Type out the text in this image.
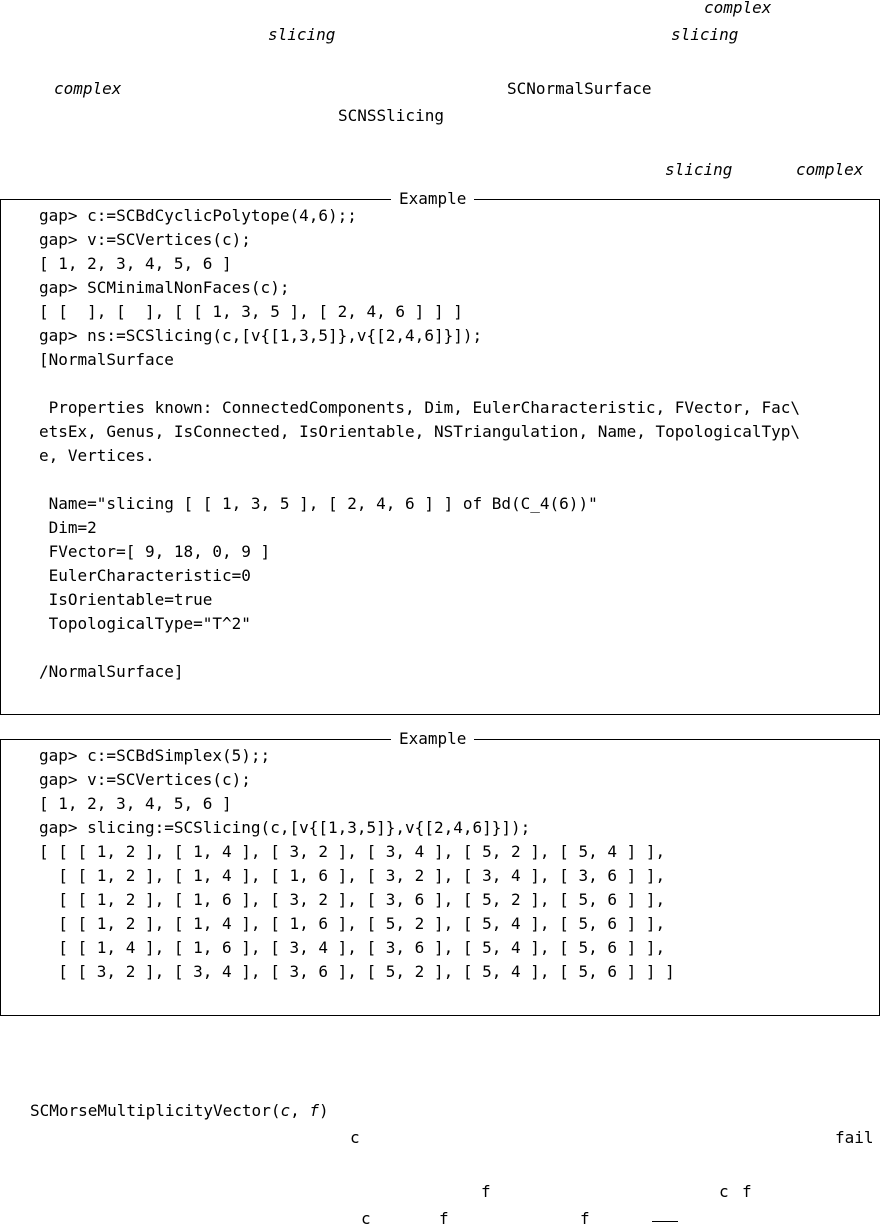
complex
slicing	slicing
complex	SCNormalSurface
SCNSSlicing
slicing	complex
Example
gap> c:=SCBdCyclicPolytope(4,6);;
gap> v:=SCVertices(c);
[ 1, 2, 3, 4, 5, 6 ]
gap> SCMinimalNonFaces(c);
[ [  ], [  ], [ [ 1, 3, 5 ], [ 2, 4, 6 ] ] ]
gap> ns:=SCSlicing(c,[v{[1,3,5]},v{[2,4,6]}]);
[NormalSurface

Properties known: ConnectedComponents, Dim, EulerCharacteristic, FVector, Fac\
etsEx, Genus, IsConnected, IsOrientable, NSTriangulation, Name, TopologicalTyp\
e, Vertices.

Name="slicing [ [ 1, 3, 5 ], [ 2, 4, 6 ] ] of Bd(C_4(6))"
Dim=2
FVector=[ 9, 18, 0, 9 ]
EulerCharacteristic=0
IsOrientable=true
TopologicalType="T^2"

/NormalSurface]
Example
gap> c:=SCBdSimplex(5);;
gap> v:=SCVertices(c);
[ 1, 2, 3, 4, 5, 6 ]
gap> slicing:=SCSlicing(c,[v{[1,3,5]},v{[2,4,6]}]);
[ [ [ 1, 2 ], [ 1, 4 ], [ 3, 2 ], [ 3, 4 ], [ 5, 2 ], [ 5, 4 ] ],
[ [ 1, 2 ], [ 1, 4 ], [ 1, 6 ], [ 3, 2 ], [ 3, 4 ], [ 3, 6 ] ],
[ [ 1, 2 ], [ 1, 6 ], [ 3, 2 ], [ 3, 6 ], [ 5, 2 ], [ 5, 6 ] ],
[ [ 1, 2 ], [ 1, 4 ], [ 1, 6 ], [ 5, 2 ], [ 5, 4 ], [ 5, 6 ] ],
[ [ 1, 4 ], [ 1, 6 ], [ 3, 4 ], [ 3, 6 ], [ 5, 4 ], [ 5, 6 ] ],
[ [ 3, 2 ], [ 3, 4 ], [ 3, 6 ], [ 5, 2 ], [ 5, 4 ], [ 5, 6 ] ] ]
SCMorseMultiplicityVector(c, f)
c	fail
f	c f
c	f	f
